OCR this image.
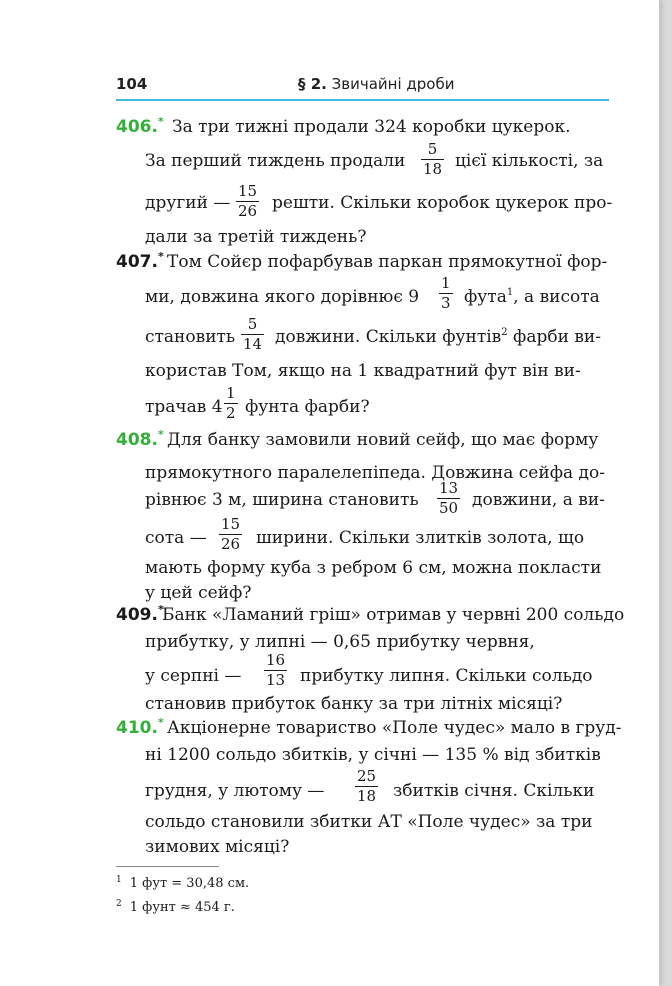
104	§ 2. Звичайні дроби
406.* За три тижні продали 324 коробки цукерок.
За перший тиждень продали $\frac{5}{18}$ цієї кількості, за
другий — $\frac{15}{26}$ решти. Скільки коробок цукерок про-
дали за третій тиждень?
407.* Том Сойєр пофарбував паркан прямокутної фор-
ми, довжина якого дорівнює $9 \frac{1}{3}$ фута$^1$, а висота
становить $\frac{5}{14}$ довжини. Скільки фунтів$^2$ фарби ви-
користав Том, якщо на 1 квадратний фут він ви-
трачав $4 \frac{1}{2}$ фунта фарби?
408.* Для банку замовили новий сейф, що має форму
прямокутного паралелепіпеда. Довжина сейфа до-
рівнює 3 м, ширина становить $\frac{13}{50}$ довжини, а ви-
сота — $\frac{15}{26}$ ширини. Скільки злитків золота, що
мають форму куба з ребром 6 см, можна покласти
у цей сейф?
409.*
Банк «Ламаний гріш» отримав у червні 200 сольдо
прибутку, у липні — 0,65 прибутку червня,
у серпні — $\frac{16}{13}$ прибутку липня. Скільки сольдо
становив прибуток банку за три літніх місяці?
410.* Акціонерне товариство «Поле чудес» мало в груд-
ні 1200 сольдо збитків, у січні — 135 % від збитків
грудня, у лютому — $\frac{25}{18}$ збитків січня. Скільки
сольдо становили збитки АТ «Поле чудес» за три
зимових місяці?
$^1$ 1 фут = 30,48 см.
$^2$ 1 фунт ≈ 454 г.
